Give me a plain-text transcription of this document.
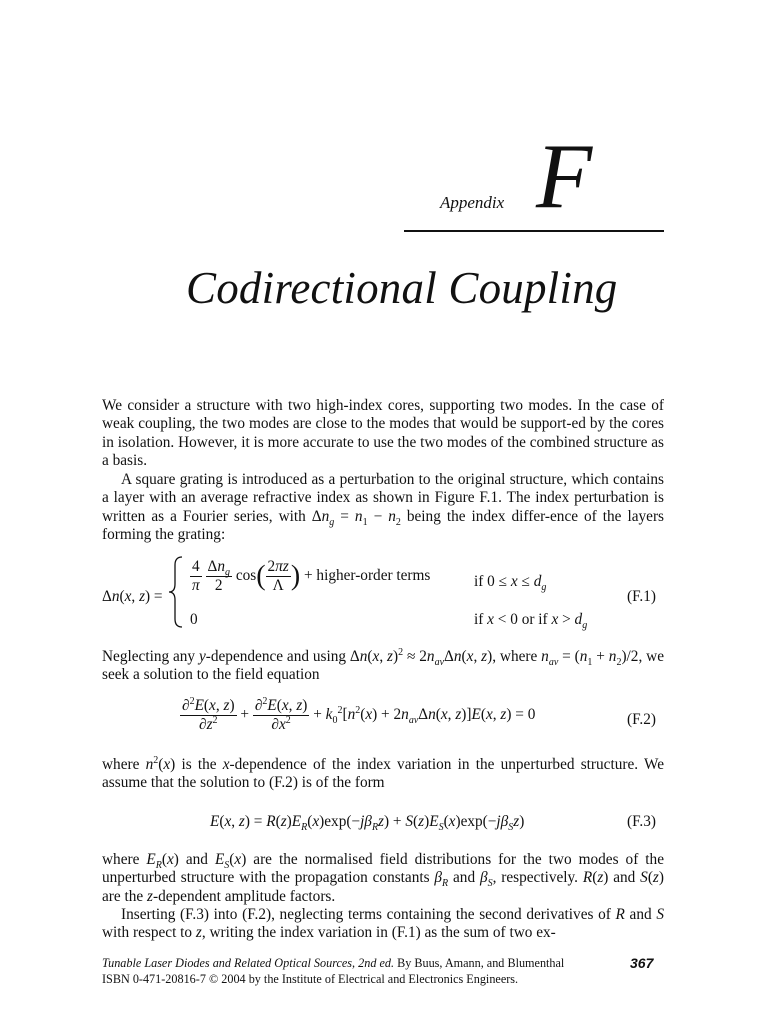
Appendix F
Codirectional Coupling
We consider a structure with two high-index cores, supporting two modes. In the case of weak coupling, the two modes are close to the modes that would be support-ed by the cores in isolation. However, it is more accurate to use the two modes of the combined structure as a basis.
A square grating is introduced as a perturbation to the original structure, which contains a layer with an average refractive index as shown in Figure F.1. The index perturbation is written as a Fourier series, with $\Delta n_g = n_1 - n_2$ being the index differ-ence of the layers forming the grating:
Δn(x, z) =
$\frac{4}{\pi}$
$\frac{\Delta n_g}{2} \cos( \frac{2\pi z}{\Lambda}$ ) + higher-order terms	if $0 \le x \le d_g$
0	if x < 0 or if $x > d_g$
(F.1)
Neglecting any y-dependence and using Δn(x, $z)^2 \approx 2n_{av}\Delta n(x$, z), where $n_{av} = (n_1 + n_2)/2$, we seek a solution to the field equation
$\frac{\partial^2E(x, z)}{\partial z^2} + \frac{\partial^2E(x, z)}{\partial x^2} + k_0^2[n^2(x) + 2n_{av}\Delta n(x$, z)]E(x, z) = 0	(F.2)
where $n^2(x)$ is the x-dependence of the index variation in the unperturbed structure. We assume that the solution to (F.2) is of the form
E(x, $z) = R(z)E_R(x)\exp(-j\beta_Rz) + S(z)E_S(x)\exp(-j\beta_Sz)$	(F.3)
where $E_R(x)$ and $E_S(x)$ are the normalised field distributions for the two modes of the unperturbed structure with the propagation constants $\beta_R$ and $\beta_S$, respectively. R(z) and S(z) are the z-dependent amplitude factors.
Inserting (F.3) into (F.2), neglecting terms containing the second derivatives of R and S with respect to z, writing the index variation in (F.1) as the sum of two ex-
Tunable Laser Diodes and Related Optical Sources, 2nd ed. By Buus, Amann, and Blumenthal
ISBN 0-471-20816-7 © 2004 by the Institute of Electrical and Electronics Engineers.
367
